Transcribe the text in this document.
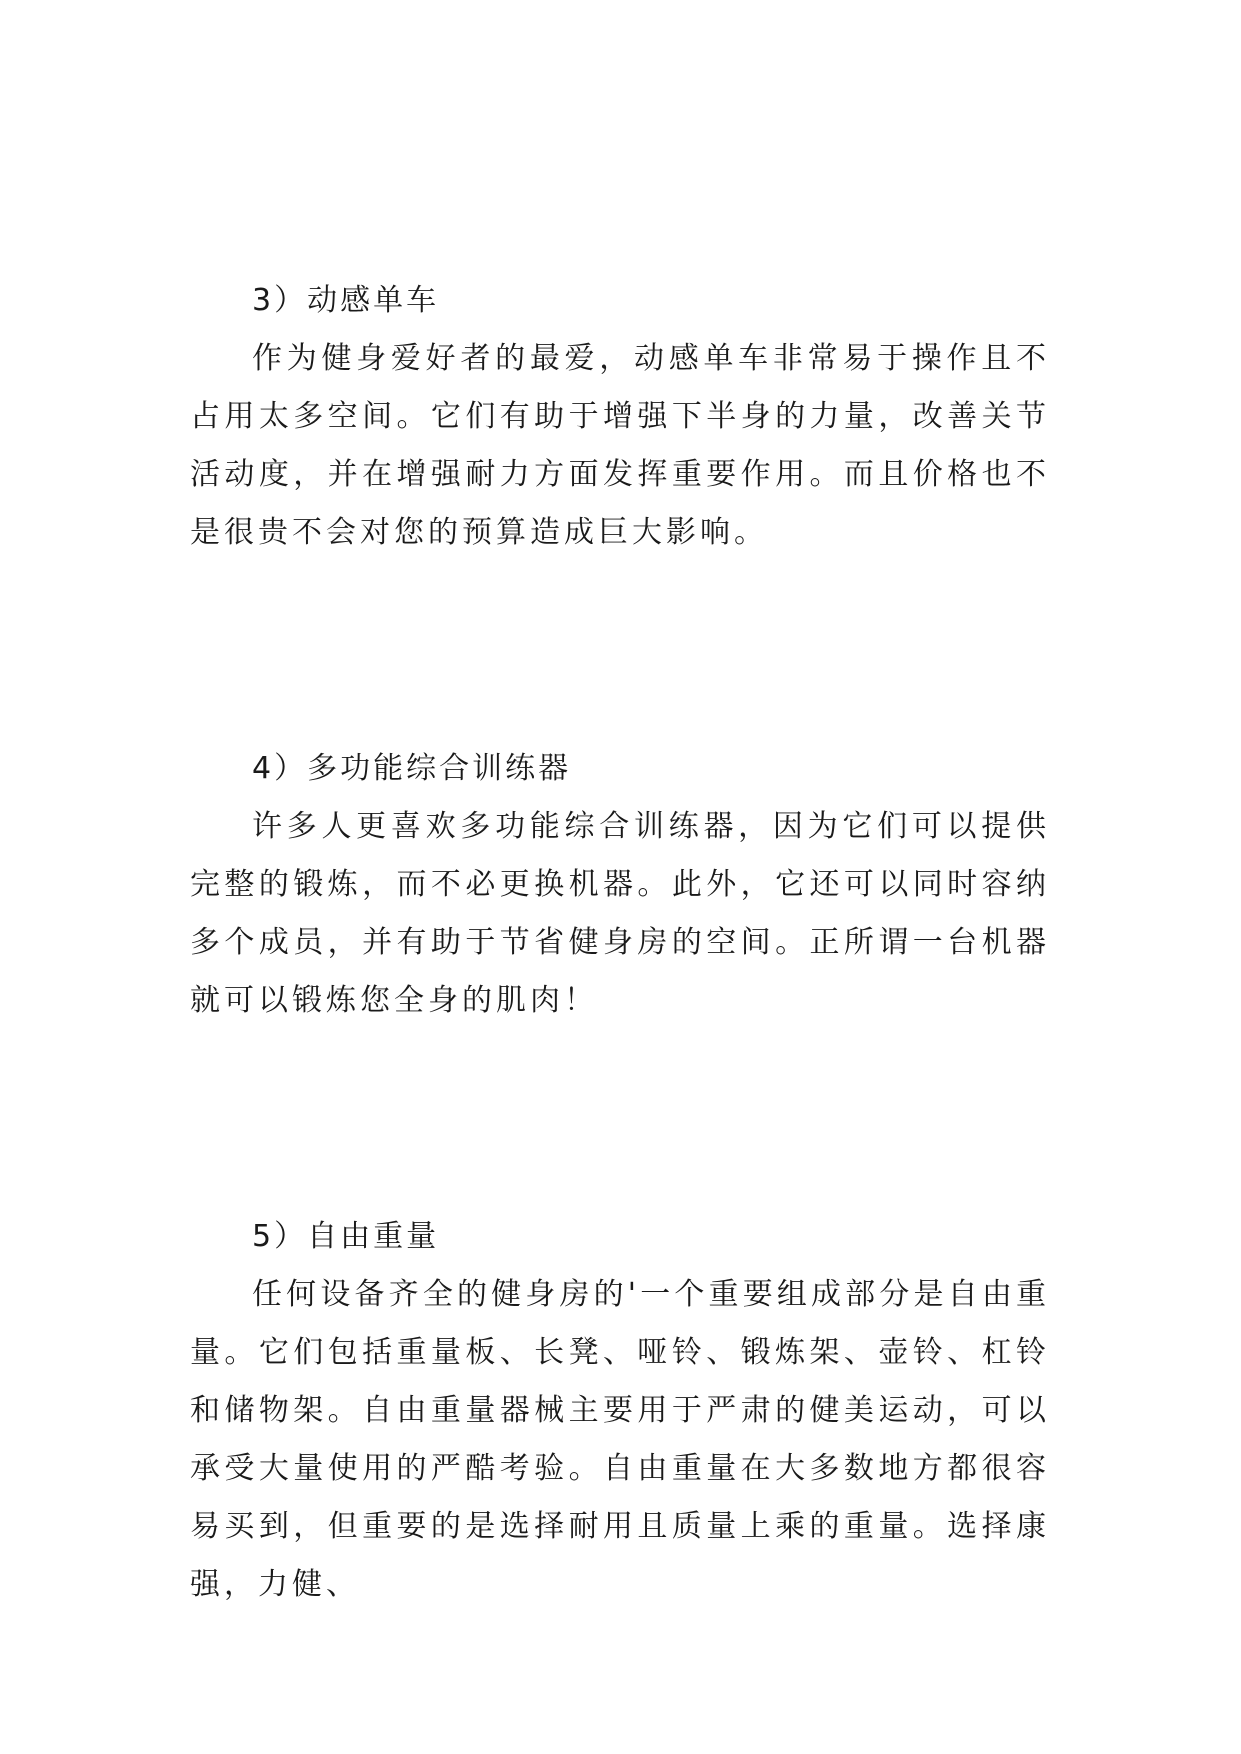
3）动感单车

作为健身爱好者的最爱，动感单车非常易于操作且不占用太多空间。它们有助于增强下半身的力量，改善关节活动度，并在增强耐力方面发挥重要作用。而且价格也不是很贵不会对您的预算造成巨大影响。

4）多功能综合训练器

许多人更喜欢多功能综合训练器，因为它们可以提供完整的锻炼，而不必更换机器。此外，它还可以同时容纳多个成员，并有助于节省健身房的空间。正所谓一台机器就可以锻炼您全身的肌肉！

5）自由重量

任何设备齐全的健身房的'一个重要组成部分是自由重量。它们包括重量板、长凳、哑铃、锻炼架、壶铃、杠铃和储物架。自由重量器械主要用于严肃的健美运动，可以承受大量使用的严酷考验。自由重量在大多数地方都很容易买到，但重要的是选择耐用且质量上乘的重量。选择康强，力健、
